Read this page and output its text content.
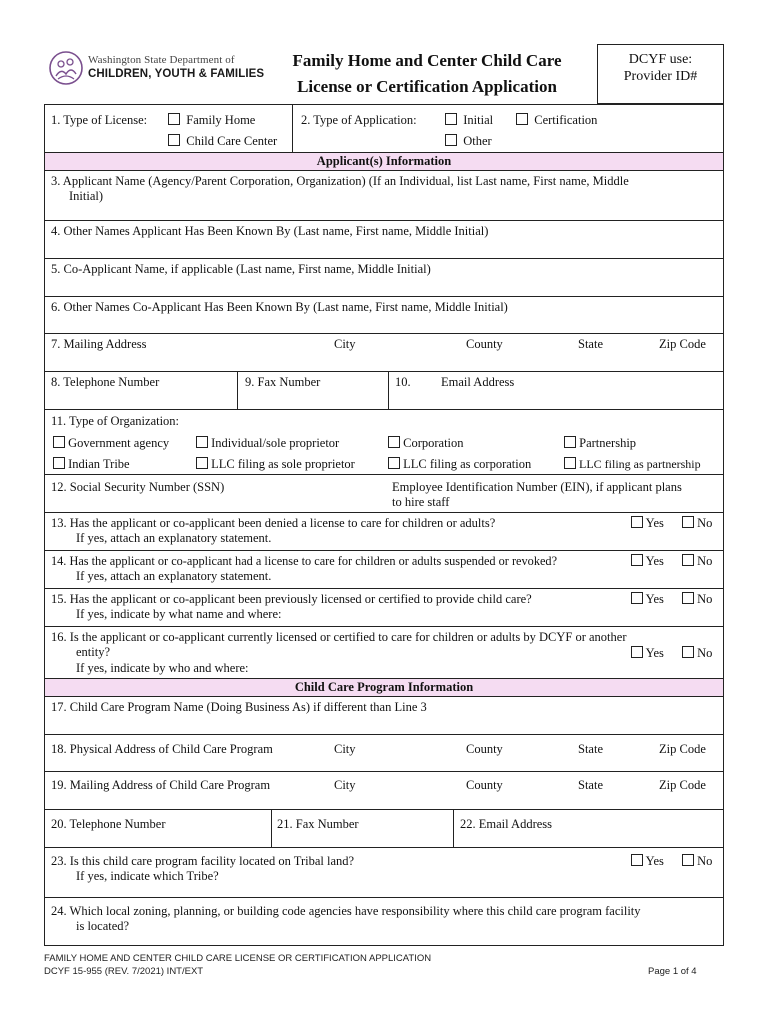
Washington State Department of
CHILDREN, YOUTH & FAMILIES
Family Home and Center Child Care
License or Certification Application
DCYF use:
Provider ID#
1. Type of License:	Family Home
Child Care Center
2. Type of Application:	Initial	Certification
Other
Applicant(s) Information
3. Applicant Name (Agency/Parent Corporation, Organization) (If an Individual, list Last name, First name, Middle
Initial)
4. Other Names Applicant Has Been Known By (Last name, First name, Middle Initial)
5. Co-Applicant Name, if applicable (Last name, First name, Middle Initial)
6. Other Names Co-Applicant Has Been Known By (Last name, First name, Middle Initial)
7. Mailing Address	City	County	State	Zip Code
8. Telephone Number	9. Fax Number	10. Email Address
11. Type of Organization:
Government agency	Individual/sole proprietor	Corporation	Partnership
Indian Tribe	LLC filing as sole proprietor	LLC filing as corporation	LLC filing as partnership
12. Social Security Number (SSN)	Employee Identification Number (EIN), if applicant plans
to hire staff
13. Has the applicant or co-applicant been denied a license to care for children or adults?
If yes, attach an explanatory statement.
Yes	No
14. Has the applicant or co-applicant had a license to care for children or adults suspended or revoked?
If yes, attach an explanatory statement.
Yes	No
15. Has the applicant or co-applicant been previously licensed or certified to provide child care?
If yes, indicate by what name and where:
Yes	No
16. Is the applicant or co-applicant currently licensed or certified to care for children or adults by DCYF or another
entity?
If yes, indicate by who and where:
Yes	No
Child Care Program Information
17. Child Care Program Name (Doing Business As) if different than Line 3
18. Physical Address of Child Care Program	City	County	State	Zip Code
19. Mailing Address of Child Care Program	City	County	State	Zip Code
20. Telephone Number	21. Fax Number	22. Email Address
23. Is this child care program facility located on Tribal land?
If yes, indicate which Tribe?
Yes	No
24. Which local zoning, planning, or building code agencies have responsibility where this child care program facility
is located?
FAMILY HOME AND CENTER CHILD CARE LICENSE OR CERTIFICATION APPLICATION
DCYF 15-955 (REV. 7/2021) INT/EXT	Page 1 of 4
